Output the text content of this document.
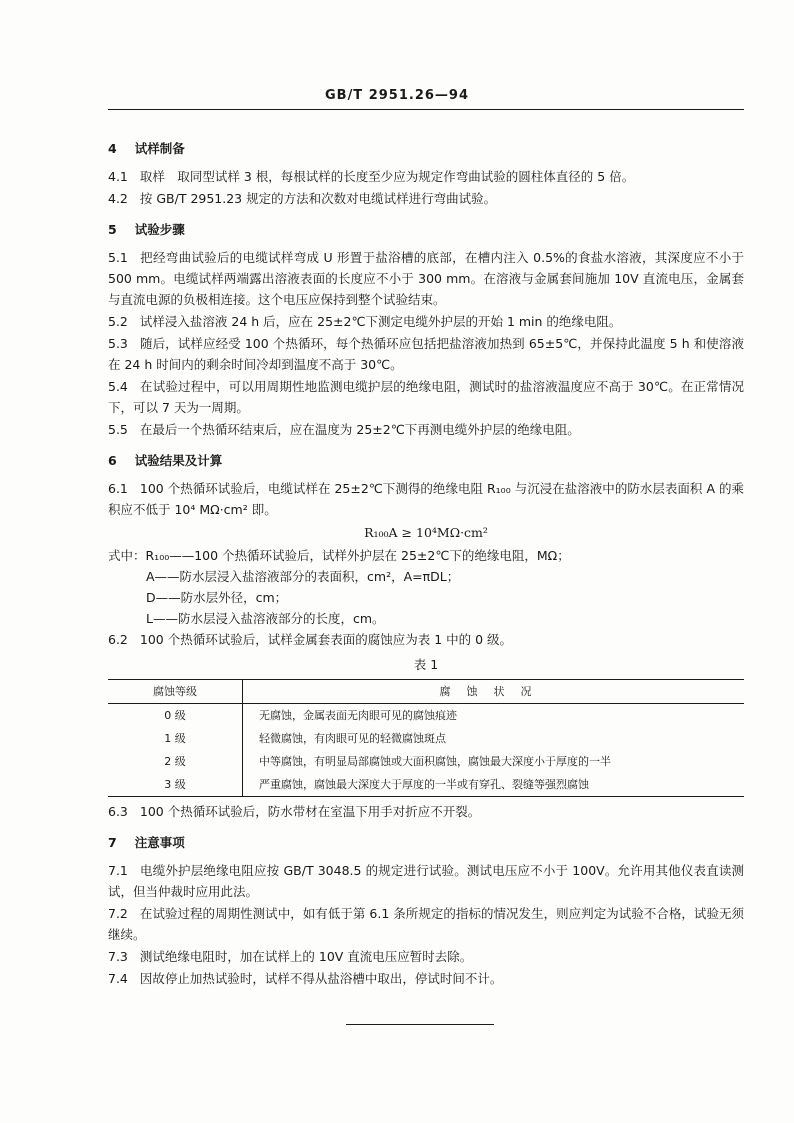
GB/T 2951.26—94
4 试样制备
4.1 取样　取同型试样 3 根，每根试样的长度至少应为规定作弯曲试验的圆柱体直径的 5 倍。
4.2 按 GB/T 2951.23 规定的方法和次数对电缆试样进行弯曲试验。
5 试验步骤
5.1 把经弯曲试验后的电缆试样弯成 U 形置于盐浴槽的底部，在槽内注入 0.5%的食盐水溶液，其深度应不小于 500 mm。电缆试样两端露出溶液表面的长度应不小于 300 mm。在溶液与金属套间施加 10V 直流电压，金属套与直流电源的负极相连接。这个电压应保持到整个试验结束。
5.2 试样浸入盐溶液 24 h 后，应在 25±2℃下测定电缆外护层的开始 1 min 的绝缘电阻。
5.3 随后，试样应经受 100 个热循环，每个热循环应包括把盐溶液加热到 65±5℃，并保持此温度 5 h 和使溶液在 24 h 时间内的剩余时间冷却到温度不高于 30℃。
5.4 在试验过程中，可以用周期性地监测电缆护层的绝缘电阻，测试时的盐溶液温度应不高于 30℃。在正常情况下，可以 7 天为一周期。
5.5 在最后一个热循环结束后，应在温度为 25±2℃下再测电缆外护层的绝缘电阻。
6 试验结果及计算
6.1 100 个热循环试验后，电缆试样在 25±2℃下测得的绝缘电阻 R₁₀₀ 与沉浸在盐溶液中的防水层表面积 A 的乘积应不低于 10⁴ MΩ·cm² 即。
R₁₀₀A ≥ 10⁴MΩ·cm²
式中：R₁₀₀——100 个热循环试验后，试样外护层在 25±2℃下的绝缘电阻，MΩ；
A——防水层浸入盐溶液部分的表面积，cm²，A=πDL；
D——防水层外径，cm；
L——防水层浸入盐溶液部分的长度，cm。
6.2 100 个热循环试验后，试样金属套表面的腐蚀应为表 1 中的 0 级。
表 1
腐蚀等级	腐蚀状况
0 级	无腐蚀，金属表面无肉眼可见的腐蚀痕迹
1 级	轻微腐蚀，有肉眼可见的轻微腐蚀斑点
2 级	中等腐蚀，有明显局部腐蚀或大面积腐蚀，腐蚀最大深度小于厚度的一半
3 级	严重腐蚀，腐蚀最大深度大于厚度的一半或有穿孔、裂缝等强烈腐蚀
6.3 100 个热循环试验后，防水带材在室温下用手对折应不开裂。
7 注意事项
7.1 电缆外护层绝缘电阻应按 GB/T 3048.5 的规定进行试验。测试电压应不小于 100V。允许用其他仪表直读测试，但当仲裁时应用此法。
7.2 在试验过程的周期性测试中，如有低于第 6.1 条所规定的指标的情况发生，则应判定为试验不合格，试验无须继续。
7.3 测试绝缘电阻时，加在试样上的 10V 直流电压应暂时去除。
7.4 因故停止加热试验时，试样不得从盐浴槽中取出，停试时间不计。
